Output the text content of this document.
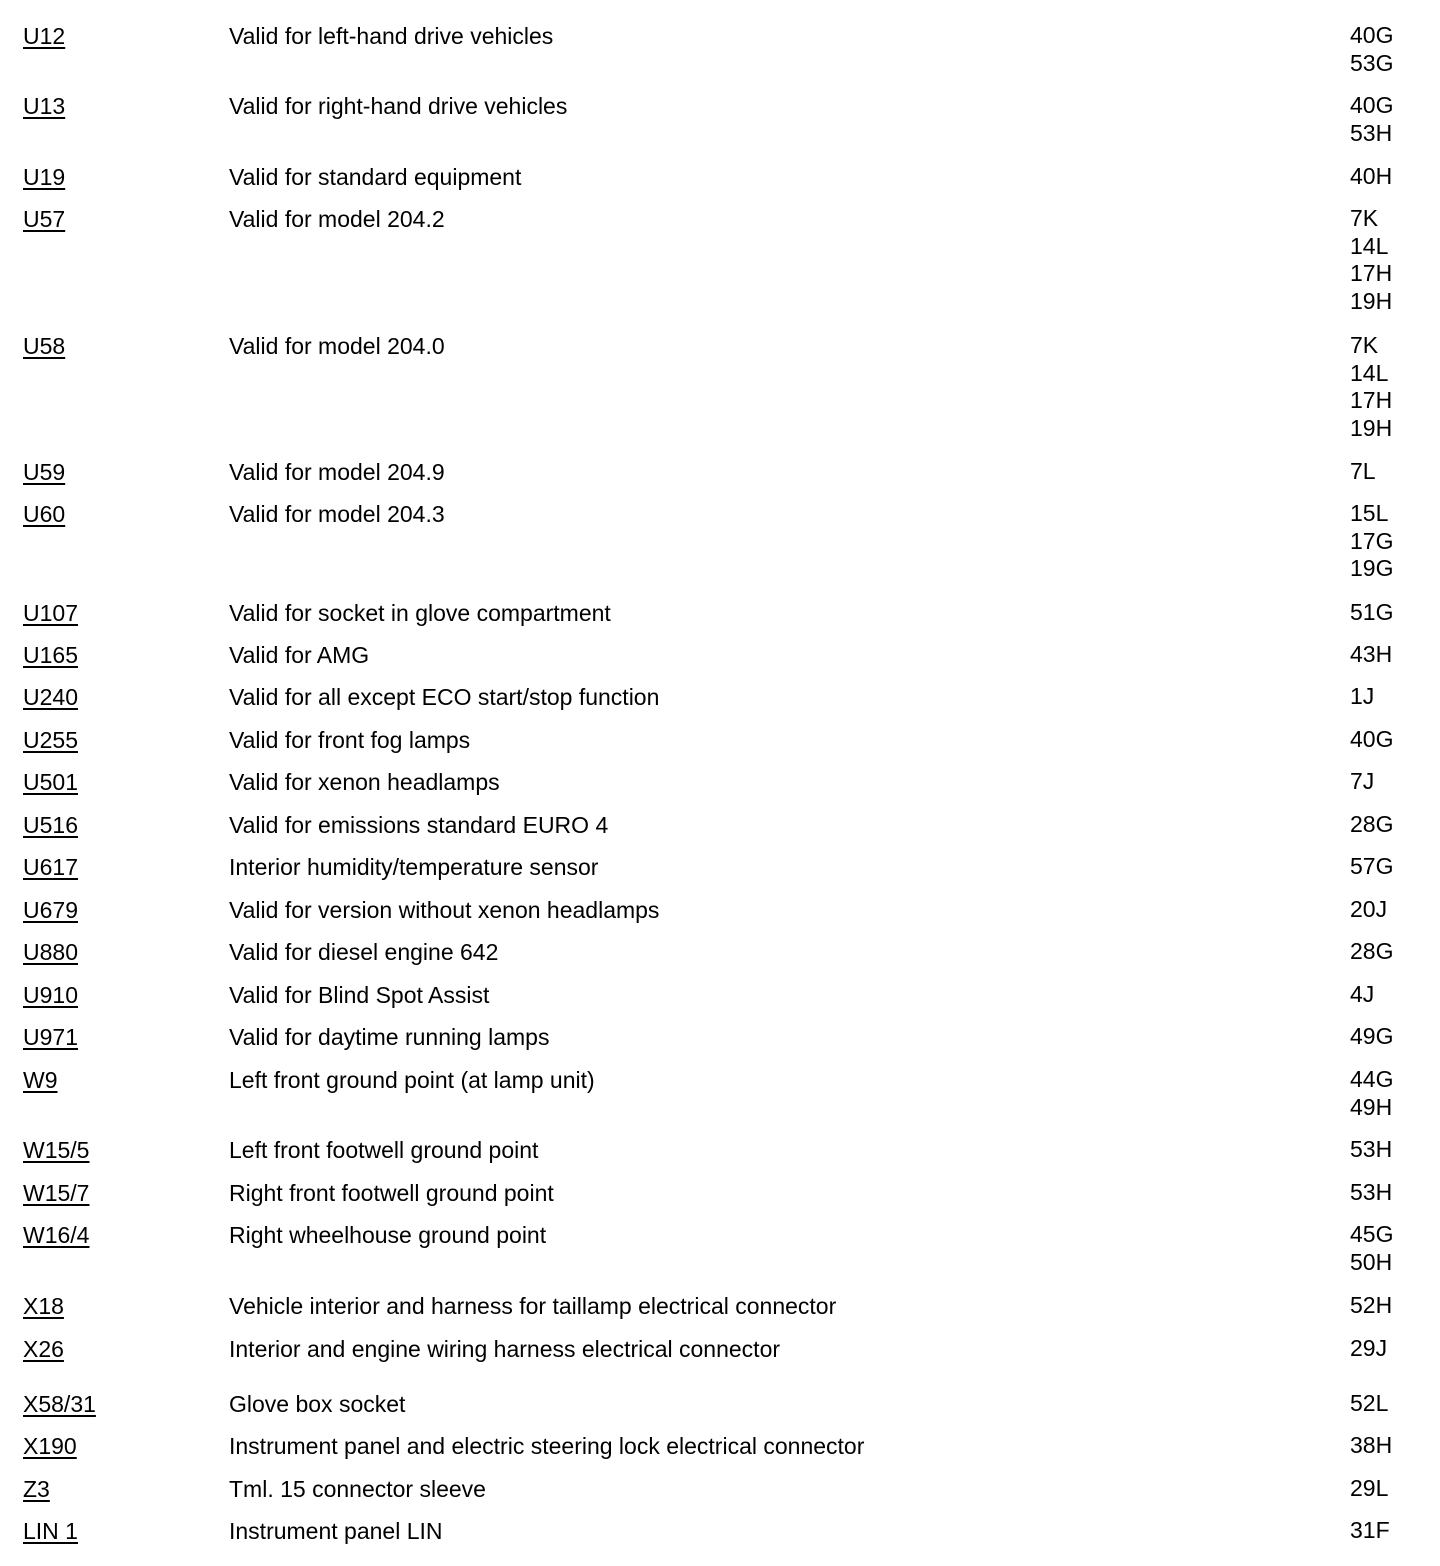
U12	Valid for left-hand drive vehicles	40G
53G
U13	Valid for right-hand drive vehicles	40G
53H
U19	Valid for standard equipment	40H
U57	Valid for model 204.2	7K
14L
17H
19H
U58	Valid for model 204.0	7K
14L
17H
19H
U59	Valid for model 204.9	7L
U60	Valid for model 204.3	15L
17G
19G
U107	Valid for socket in glove compartment	51G
U165	Valid for AMG	43H
U240	Valid for all except ECO start/stop function	1J
U255	Valid for front fog lamps	40G
U501	Valid for xenon headlamps	7J
U516	Valid for emissions standard EURO 4	28G
U617	Interior humidity/temperature sensor	57G
U679	Valid for version without xenon headlamps	20J
U880	Valid for diesel engine 642	28G
U910	Valid for Blind Spot Assist	4J
U971	Valid for daytime running lamps	49G
W9	Left front ground point (at lamp unit)	44G
49H
W15/5	Left front footwell ground point	53H
W15/7	Right front footwell ground point	53H
W16/4	Right wheelhouse ground point	45G
50H
X18	Vehicle interior and harness for taillamp electrical connector	52H
X26	Interior and engine wiring harness electrical connector	29J
X58/31	Glove box socket	52L
X190	Instrument panel and electric steering lock electrical connector	38H
Z3	Tml. 15 connector sleeve	29L
LIN 1	Instrument panel LIN	31F
